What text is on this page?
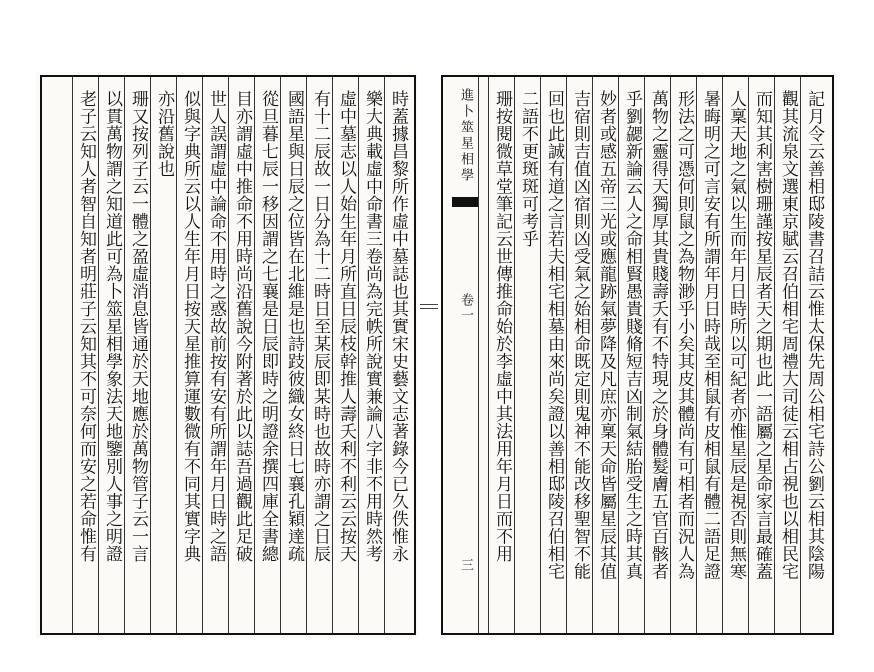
進卜筮星相學
卷一
三	記月令云善相邸陵書召詰云惟太保先周公相宅詩公劉云相其陰陽
觀其流泉文選東京賦云召伯相宅周禮大司徒云相占視也以相民宅
而知其利害樹珊謹按星辰者天之期也此一語屬之星命家言最確蓋
人稟天地之氣以生而年月日時所以可紀者亦惟星辰是視否則無寒
暑晦明之可言安有所謂年月日時哉至相鼠有皮相鼠有體二語足證
形法之可憑何則鼠之為物渺乎小矣其皮其體尚有可相者而況人為
萬物之靈得天獨厚其貴賤壽夭有不特現之於身體髮膚五官百骸者
乎劉勰新論云人之命相賢愚貴賤脩短吉凶制氣結胎受生之時其真
妙者或感五帝三光或應龍跡氣夢降及凡庶亦稟天命皆屬星辰其值
吉宿則吉值凶宿則凶受氣之始相命既定則鬼神不能改移聖智不能
回也此誠有道之言若夫相宅相墓由來尚矣證以善相邸陵召伯相宅
二語不更斑斑可考乎
珊按閱微草堂筆記云世傳推命始於李虛中其法用年月日而不用
時蓋據昌黎所作虛中墓誌也其實宋史藝文志著錄今已久佚惟永
樂大典載虛中命書三卷尚為完帙所說實兼論八字非不用時然考
虛中墓志以人始生年月所直日辰枝幹推人壽夭利不利云云按天
有十二辰故一日分為十二時日至某辰即某時也故時亦謂之日辰
國語星與日辰之位皆在北維是也詩跂彼織女終日七襄孔穎達疏
從旦暮七辰一移因謂之七襄是日辰即時之明證余撰四庫全書總
目亦謂虛中推命不用時尚沿舊說今附著於此以誌吾過觀此足破
世人誤謂虛中論命不用時之惑故前按有安有所謂年月日時之語
似與字典所云以人生年月日按天星推算運數微有不同其實字典
亦沿舊說也
珊又按列子云一體之盈虛消息皆通於天地應於萬物管子云一言
以貫萬物謂之知道此可為卜筮星相學象法天地鑒別人事之明證
老子云知人者智自知者明莊子云知其不可奈何而安之若命惟有
